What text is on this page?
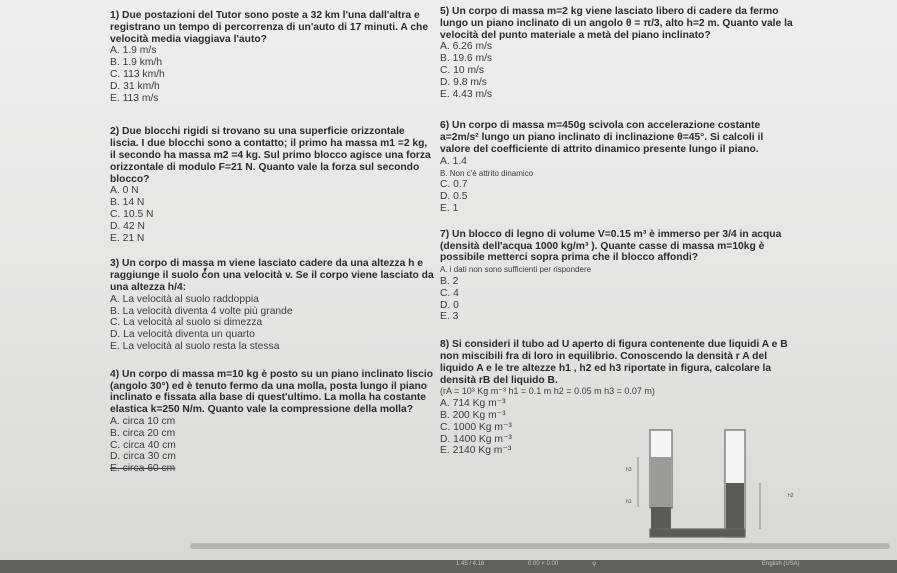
1) Due postazioni del Tutor sono poste a 32 km l'una dall'altra e registrano un tempo di percorrenza di un'auto di 17 minuti. A che velocità media viaggiava l'auto?
A. 1.9 m/s
B. 1.9 km/h
C. 113 km/h
D. 31 km/h
E. 113 m/s
2) Due blocchi rigidi si trovano su una superficie orizzontale liscia. I due blocchi sono a contatto; il primo ha massa m1 =2 kg, il secondo ha massa m2 =4 kg. Sul primo blocco agisce una forza orizzontale di modulo F=21 N. Quanto vale la forza sul secondo blocco?
A. 0 N
B. 14 N
C. 10.5 N
D. 42 N
E. 21 N
3) Un corpo di massa m viene lasciato cadere da una altezza h e raggiunge il suolo con una velocità v. Se il corpo viene lasciato da una altezza h/4:
A. La velocità al suolo raddoppia
B. La velocità diventa 4 volte più grande
C. La velocità al suolo si dimezza
D. La velocità diventa un quarto
E. La velocità al suolo resta la stessa
4) Un corpo di massa m=10 kg è posto su un piano inclinato liscio (angolo 30°) ed è tenuto fermo da una molla, posta lungo il piano inclinato e fissata alla base di quest'ultimo. La molla ha costante elastica k=250 N/m. Quanto vale la compressione della molla?
A. circa 10 cm
B. circa 20 cm
C. circa 40 cm
D. circa 30 cm
E. circa 60 cm
5) Un corpo di massa m=2 kg viene lasciato libero di cadere da fermo lungo un piano inclinato di un angolo θ = π/3, alto h=2 m. Quanto vale la velocità del punto materiale a metà del piano inclinato?
A. 6.26 m/s
B. 19.6 m/s
C. 10 m/s
D. 9.8 m/s
E. 4.43 m/s
6) Un corpo di massa m=450g scivola con accelerazione costante a=2m/s² lungo un piano inclinato di inclinazione θ=45°. Si calcoli il valore del coefficiente di attrito dinamico presente lungo il piano.
A. 1.4
B. Non c'è attrito dinamico
C. 0.7
D. 0.5
E. 1
7) Un blocco di legno di volume V=0.15 m³ è immerso per 3/4 in acqua (densità dell'acqua 1000 kg/m³ ). Quante casse di massa m=10kg è possibile metterci sopra prima che il blocco affondi?
A. i dati non sono sufficienti per rispondere
B. 2
C. 4
D. 0
E. 3
8) Si consideri il tubo ad U aperto di figura contenente due liquidi A e B non miscibili fra di loro in equilibrio. Conoscendo la densità r A del liquido A e le tre altezze h1 , h2 ed h3 riportate in figura, calcolare la densità rB del liquido B.
(rA = 10³ Kg m⁻³ h1 = 0.1 m h2 = 0.05 m h3 = 0.07 m)
A. 714 Kg m⁻³
B. 200 Kg m⁻³
C. 1000 Kg m⁻³
D. 1400 Kg m⁻³
E. 2140 Kg m⁻³
h3
h1
h2
1.45 / 4.16	0.00 × 0.00	⚲	English (USA)
